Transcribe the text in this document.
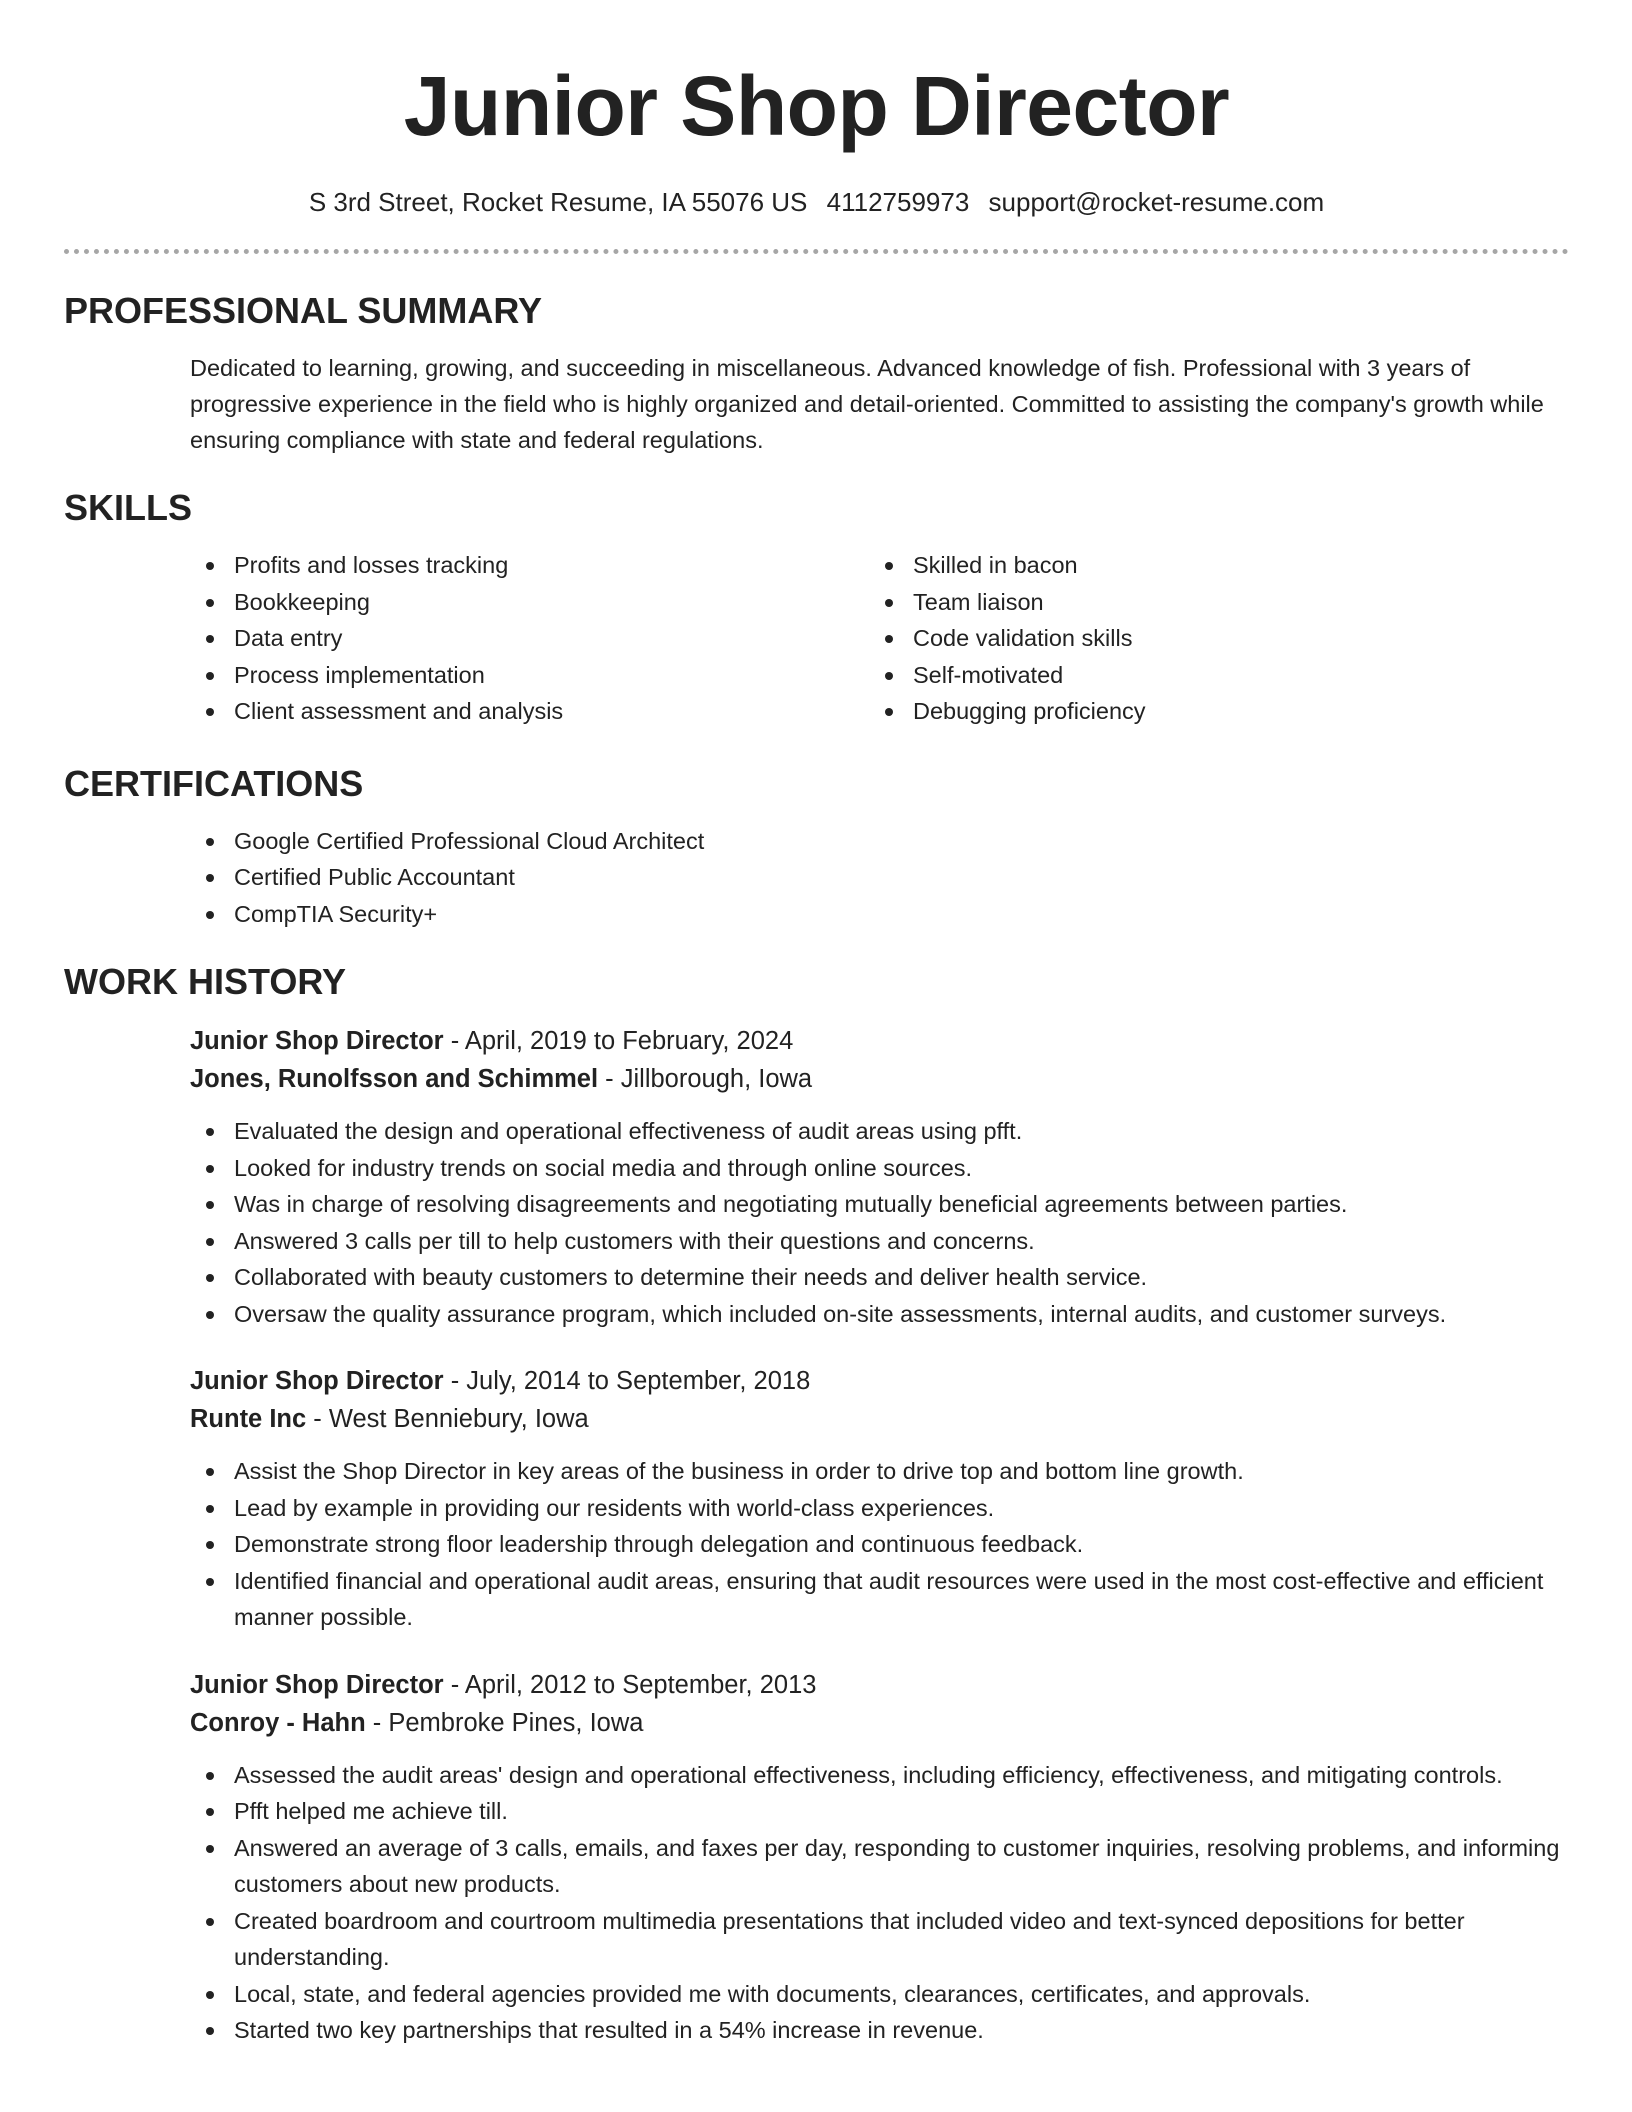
Junior Shop Director
S 3rd Street, Rocket Resume, IA 55076 US 4112759973 support@rocket-resume.com
PROFESSIONAL SUMMARY

Dedicated to learning, growing, and succeeding in miscellaneous. Advanced knowledge of fish. Professional with 3 years of progressive experience in the field who is highly organized and detail-oriented. Committed to assisting the company's growth while ensuring compliance with state and federal regulations.

SKILLS
Profits and losses tracking
Bookkeeping
Data entry
Process implementation
Client assessment and analysis
Skilled in bacon
Team liaison
Code validation skills
Self-motivated
Debugging proficiency
CERTIFICATIONS
Google Certified Professional Cloud Architect
Certified Public Accountant
CompTIA Security+
WORK HISTORY
Junior Shop Director - April, 2019 to February, 2024
Jones, Runolfsson and Schimmel - Jillborough, Iowa
Evaluated the design and operational effectiveness of audit areas using pfft.
Looked for industry trends on social media and through online sources.
Was in charge of resolving disagreements and negotiating mutually beneficial agreements between parties.
Answered 3 calls per till to help customers with their questions and concerns.
Collaborated with beauty customers to determine their needs and deliver health service.
Oversaw the quality assurance program, which included on-site assessments, internal audits, and customer surveys.
Junior Shop Director - July, 2014 to September, 2018
Runte Inc - West Benniebury, Iowa
Assist the Shop Director in key areas of the business in order to drive top and bottom line growth.
Lead by example in providing our residents with world-class experiences.
Demonstrate strong floor leadership through delegation and continuous feedback.
Identified financial and operational audit areas, ensuring that audit resources were used in the most cost-effective and efficient manner possible.
Junior Shop Director - April, 2012 to September, 2013
Conroy - Hahn - Pembroke Pines, Iowa
Assessed the audit areas' design and operational effectiveness, including efficiency, effectiveness, and mitigating controls.
Pfft helped me achieve till.
Answered an average of 3 calls, emails, and faxes per day, responding to customer inquiries, resolving problems, and informing customers about new products.
Created boardroom and courtroom multimedia presentations that included video and text-synced depositions for better understanding.
Local, state, and federal agencies provided me with documents, clearances, certificates, and approvals.
Started two key partnerships that resulted in a 54% increase in revenue.
